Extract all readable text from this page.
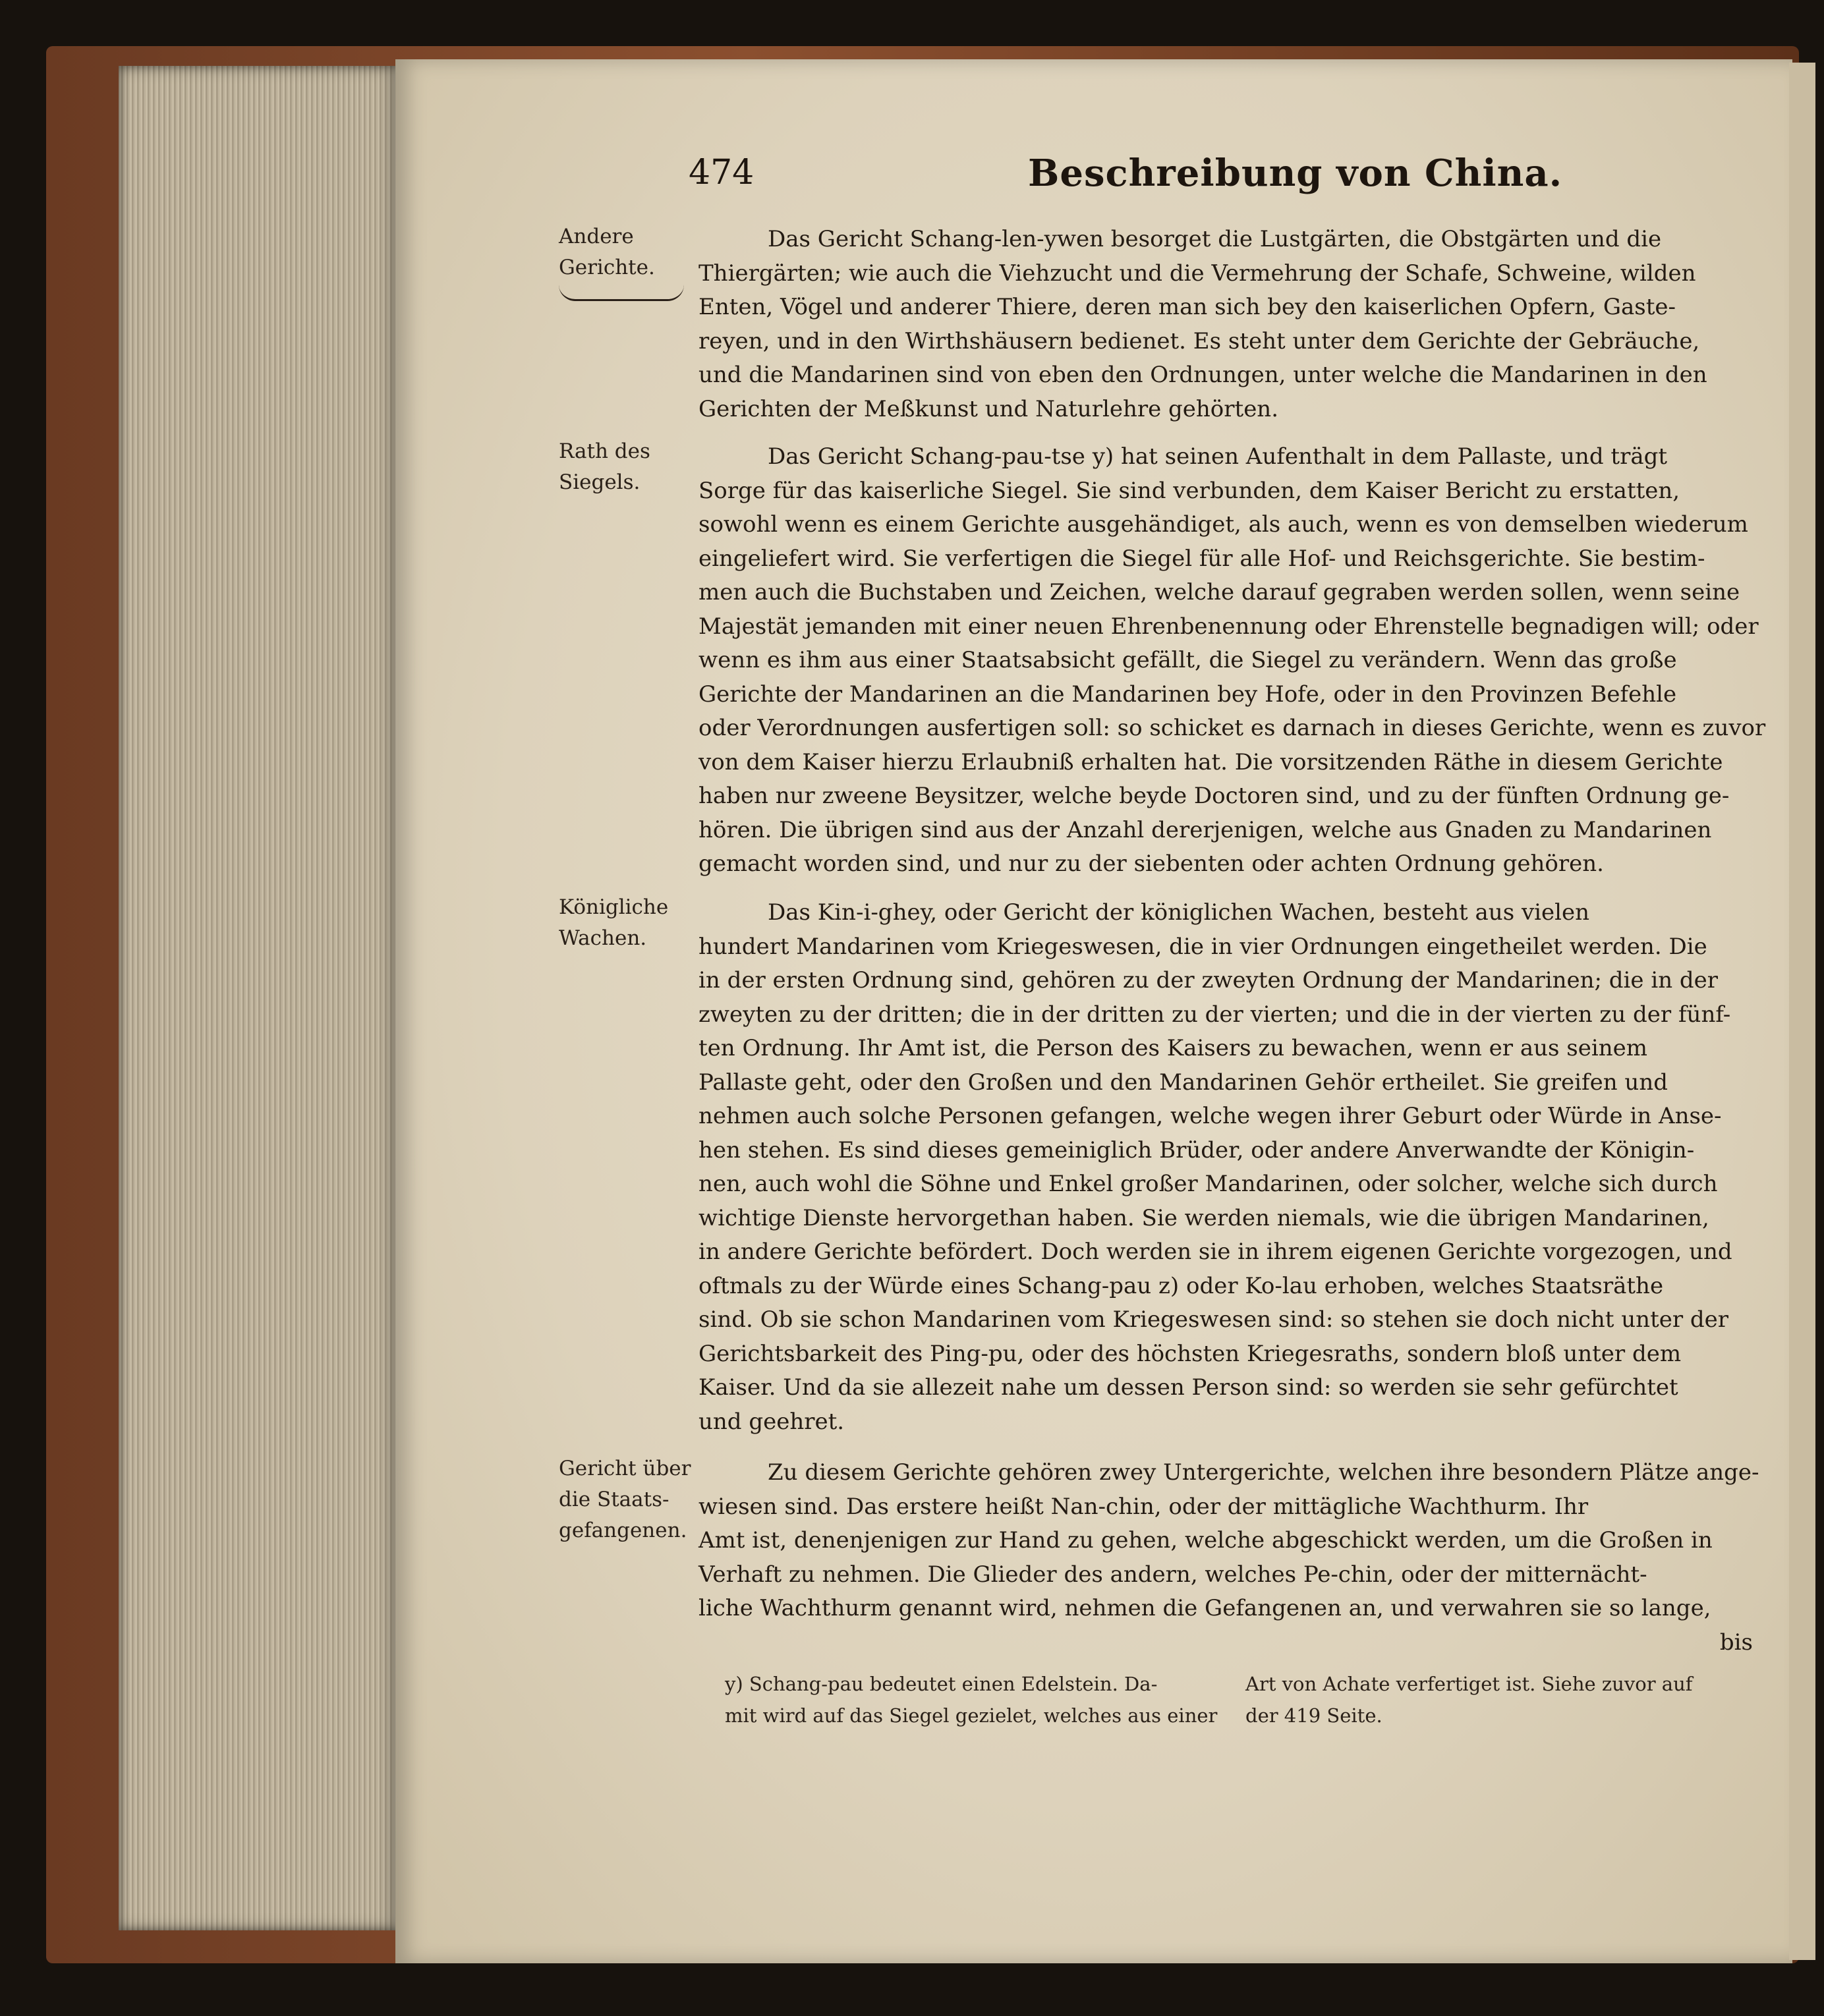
474	Beschreibung von China.
Andere
Gerichte.
Rath des
Siegels.
Königliche
Wachen.
Gericht über
die Staats-
gefangenen.
Das Gericht Schang-len-ywen besorget die Lustgärten, die Obstgärten und die
Thiergärten; wie auch die Viehzucht und die Vermehrung der Schafe, Schweine, wilden
Enten, Vögel und anderer Thiere, deren man sich bey den kaiserlichen Opfern, Gaste-
reyen, und in den Wirthshäusern bedienet. Es steht unter dem Gerichte der Gebräuche,
und die Mandarinen sind von eben den Ordnungen, unter welche die Mandarinen in den
Gerichten der Meßkunst und Naturlehre gehörten.
Das Gericht Schang-pau-tse y) hat seinen Aufenthalt in dem Pallaste, und trägt
Sorge für das kaiserliche Siegel. Sie sind verbunden, dem Kaiser Bericht zu erstatten,
sowohl wenn es einem Gerichte ausgehändiget, als auch, wenn es von demselben wiederum
eingeliefert wird. Sie verfertigen die Siegel für alle Hof- und Reichsgerichte. Sie bestim-
men auch die Buchstaben und Zeichen, welche darauf gegraben werden sollen, wenn seine
Majestät jemanden mit einer neuen Ehrenbenennung oder Ehrenstelle begnadigen will; oder
wenn es ihm aus einer Staatsabsicht gefällt, die Siegel zu verändern. Wenn das große
Gerichte der Mandarinen an die Mandarinen bey Hofe, oder in den Provinzen Befehle
oder Verordnungen ausfertigen soll: so schicket es darnach in dieses Gerichte, wenn es zuvor
von dem Kaiser hierzu Erlaubniß erhalten hat. Die vorsitzenden Räthe in diesem Gerichte
haben nur zweene Beysitzer, welche beyde Doctoren sind, und zu der fünften Ordnung ge-
hören. Die übrigen sind aus der Anzahl dererjenigen, welche aus Gnaden zu Mandarinen
gemacht worden sind, und nur zu der siebenten oder achten Ordnung gehören.
Das Kin-i-ghey, oder Gericht der königlichen Wachen, besteht aus vielen
hundert Mandarinen vom Kriegeswesen, die in vier Ordnungen eingetheilet werden. Die
in der ersten Ordnung sind, gehören zu der zweyten Ordnung der Mandarinen; die in der
zweyten zu der dritten; die in der dritten zu der vierten; und die in der vierten zu der fünf-
ten Ordnung. Ihr Amt ist, die Person des Kaisers zu bewachen, wenn er aus seinem
Pallaste geht, oder den Großen und den Mandarinen Gehör ertheilet. Sie greifen und
nehmen auch solche Personen gefangen, welche wegen ihrer Geburt oder Würde in Anse-
hen stehen. Es sind dieses gemeiniglich Brüder, oder andere Anverwandte der Königin-
nen, auch wohl die Söhne und Enkel großer Mandarinen, oder solcher, welche sich durch
wichtige Dienste hervorgethan haben. Sie werden niemals, wie die übrigen Mandarinen,
in andere Gerichte befördert. Doch werden sie in ihrem eigenen Gerichte vorgezogen, und
oftmals zu der Würde eines Schang-pau z) oder Ko-lau erhoben, welches Staatsräthe
sind. Ob sie schon Mandarinen vom Kriegeswesen sind: so stehen sie doch nicht unter der
Gerichtsbarkeit des Ping-pu, oder des höchsten Kriegesraths, sondern bloß unter dem
Kaiser. Und da sie allezeit nahe um dessen Person sind: so werden sie sehr gefürchtet
und geehret.
Zu diesem Gerichte gehören zwey Untergerichte, welchen ihre besondern Plätze ange-
wiesen sind. Das erstere heißt Nan-chin, oder der mittägliche Wachthurm. Ihr
Amt ist, denenjenigen zur Hand zu gehen, welche abgeschickt werden, um die Großen in
Verhaft zu nehmen. Die Glieder des andern, welches Pe-chin, oder der mitternächt-
liche Wachthurm genannt wird, nehmen die Gefangenen an, und verwahren sie so lange,
bis
y) Schang-pau bedeutet einen Edelstein. Da-
mit wird auf das Siegel gezielet, welches aus einer
Art von Achate verfertiget ist. Siehe zuvor auf
der 419 Seite.
